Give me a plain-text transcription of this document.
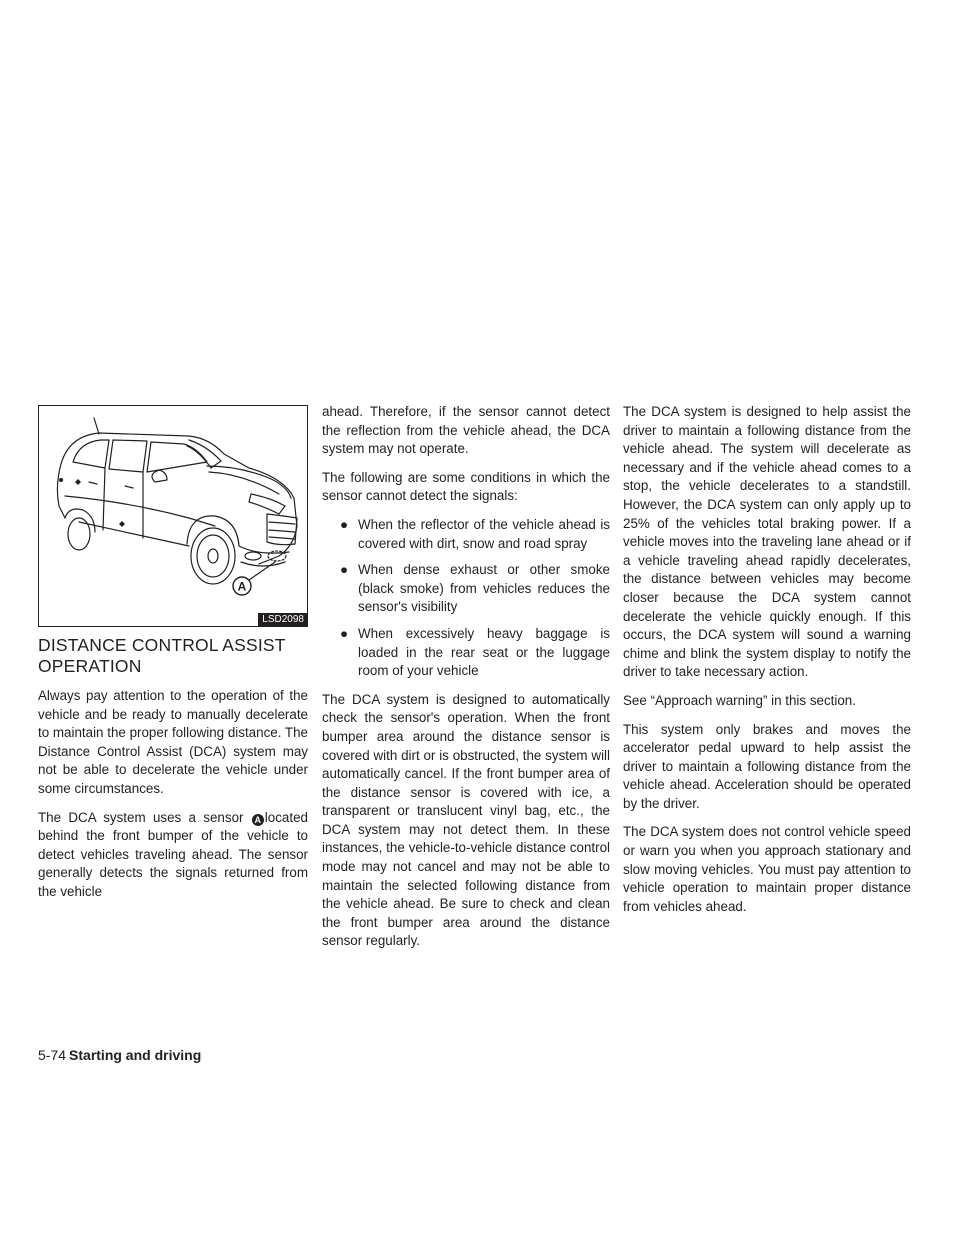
A
LSD2098
DISTANCE CONTROL ASSIST OPERATION

Always pay attention to the operation of the vehicle and be ready to manually decelerate to maintain the proper following distance. The Distance Control Assist (DCA) system may not be able to decelerate the vehicle under some circumstances.

The DCA system uses a sensor A located behind the front bumper of the vehicle to detect vehicles traveling ahead. The sensor generally detects the signals returned from the vehicle

ahead. Therefore, if the sensor cannot detect the reflection from the vehicle ahead, the DCA system may not operate.

The following are some conditions in which the sensor cannot detect the signals:

● When the reflector of the vehicle ahead is covered with dirt, snow and road spray
● When dense exhaust or other smoke (black smoke) from vehicles reduces the sensor's visibility
● When excessively heavy baggage is loaded in the rear seat or the luggage room of your vehicle

The DCA system is designed to automatically check the sensor's operation. When the front bumper area around the distance sensor is covered with dirt or is obstructed, the system will automatically cancel. If the front bumper area of the distance sensor is covered with ice, a transparent or translucent vinyl bag, etc., the DCA system may not detect them. In these instances, the vehicle-to-vehicle distance control mode may not cancel and may not be able to maintain the selected following distance from the vehicle ahead. Be sure to check and clean the front bumper area around the distance sensor regularly.

The DCA system is designed to help assist the driver to maintain a following distance from the vehicle ahead. The system will decelerate as necessary and if the vehicle ahead comes to a stop, the vehicle decelerates to a standstill. However, the DCA system can only apply up to 25% of the vehicles total braking power. If a vehicle moves into the traveling lane ahead or if a vehicle traveling ahead rapidly decelerates, the distance between vehicles may become closer because the DCA system cannot decelerate the vehicle quickly enough. If this occurs, the DCA system will sound a warning chime and blink the system display to notify the driver to take necessary action.

See “Approach warning” in this section.

This system only brakes and moves the accelerator pedal upward to help assist the driver to maintain a following distance from the vehicle ahead. Acceleration should be operated by the driver.

The DCA system does not control vehicle speed or warn you when you approach stationary and slow moving vehicles. You must pay attention to vehicle operation to maintain proper distance from vehicles ahead.

5-74 Starting and driving
